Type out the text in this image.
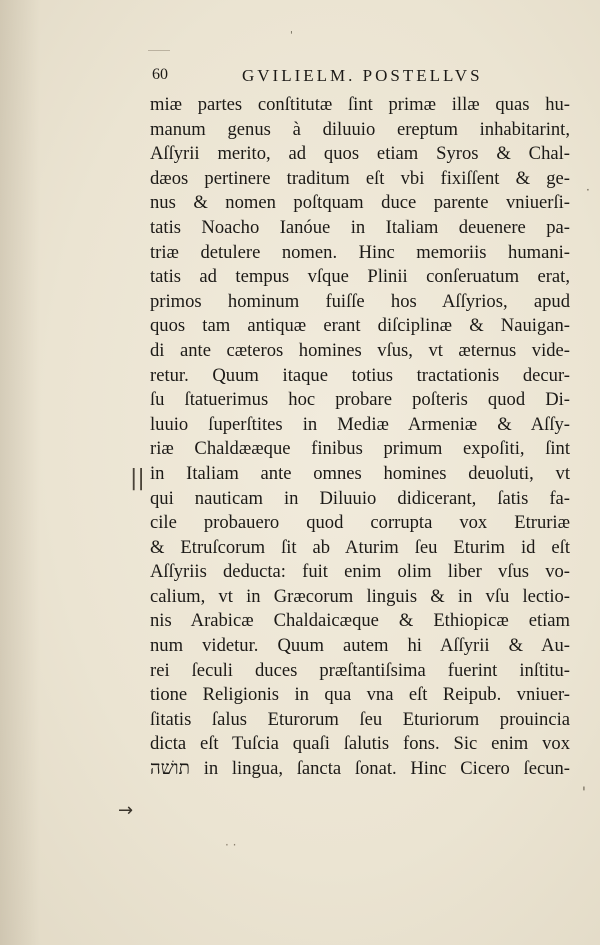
'
·
'
60	GVILIELM. POSTELLVS
miæ partes conſtitutæ ſint primæ illæ quas hu-
manum genus à diluuio ereptum inhabitarint,
Aſſyrii merito, ad quos etiam Syros & Chal-
dæos pertinere traditum eſt vbi fixiſſent & ge-
nus & nomen poſtquam duce parente vniuerſi-
tatis Noacho Ianóue in Italiam deuenere pa-
triæ detulere nomen. Hinc memoriis humani-
tatis ad tempus vſque Plinii conſeruatum erat,
primos hominum fuiſſe hos Aſſyrios, apud
quos tam antiquæ erant diſciplinæ & Nauigan-
di ante cæteros homines vſus, vt æternus vide-
retur. Quum itaque totius tractationis decur-
ſu ſtatuerimus hoc probare poſteris quod Di-
luuio ſuperſtites in Mediæ Armeniæ & Aſſy-
riæ Chaldææque finibus primum expoſiti, ſint
in Italiam ante omnes homines deuoluti, vt
qui nauticam in Diluuio didicerant, ſatis fa-
cile probauero quod corrupta vox Etruriæ
& Etruſcorum ſit ab Aturim ſeu Eturim id eſt
Aſſyriis deducta: fuit enim olim liber vſus vo-
calium, vt in Græcorum linguis & in vſu lectio-
nis Arabicæ Chaldaicæque & Ethiopicæ etiam
num videtur. Quum autem hi Aſſyrii & Au-
rei ſeculi duces præſtantiſsima fuerint inſtitu-
tione Religionis in qua vna eſt Reipub. vniuer-
ſitatis ſalus Eturorum ſeu Eturiorum prouincia
dicta eſt Tuſcia quaſi ſalutis fons. Sic enim vox
תושׁה in lingua, ſancta ſonat. Hinc Cicero ſecun-
||
→
· ·
